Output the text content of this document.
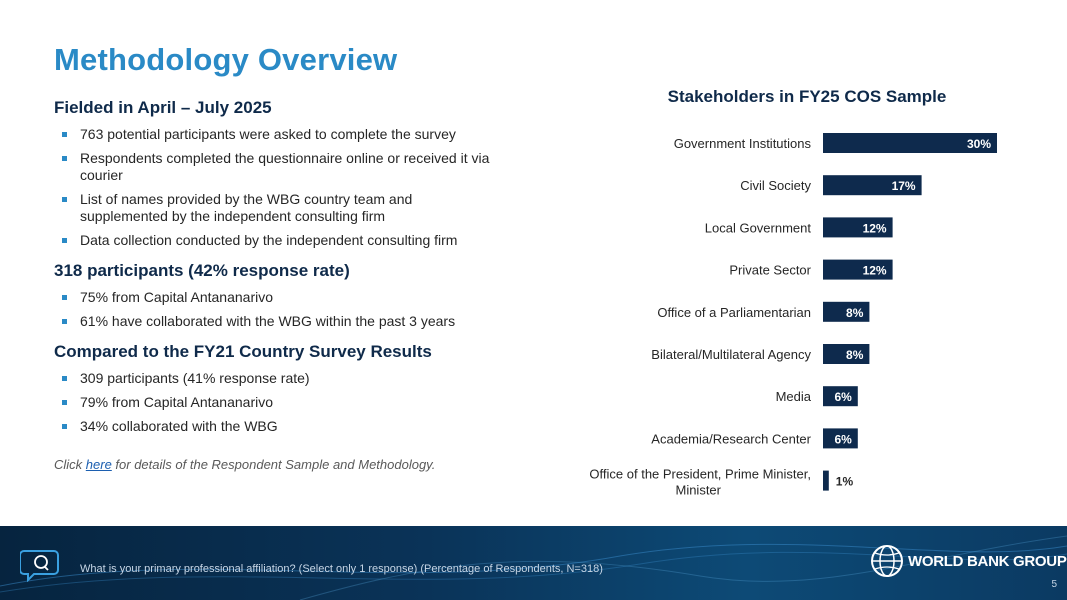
Methodology Overview
Fielded in April – July 2025
763 potential participants were asked to complete the survey
Respondents completed the questionnaire online or received it via courier
List of names provided by the WBG country team and supplemented by the independent consulting firm
Data collection conducted by the independent consulting firm
318 participants (42% response rate)
75% from Capital Antananarivo
61% have collaborated with the WBG within the past 3 years
Compared to the FY21 Country Survey Results
309 participants (41% response rate)
79% from Capital Antananarivo
34% collaborated with the WBG
Click here for details of the Respondent Sample and Methodology.
Stakeholders in FY25 COS Sample
Government Institutions	30%
Civil Society	17%
Local Government	12%
Private Sector	12%
Office of a Parliamentarian	8%
Bilateral/Multilateral Agency	8%
Media 6%
Academia/Research Center 6%
Office of the President, Prime Minister, Minister
1%
What is your primary professional affiliation? (Select only 1 response) (Percentage of Respondents, N=318)	WORLD BANK GROUP
5
